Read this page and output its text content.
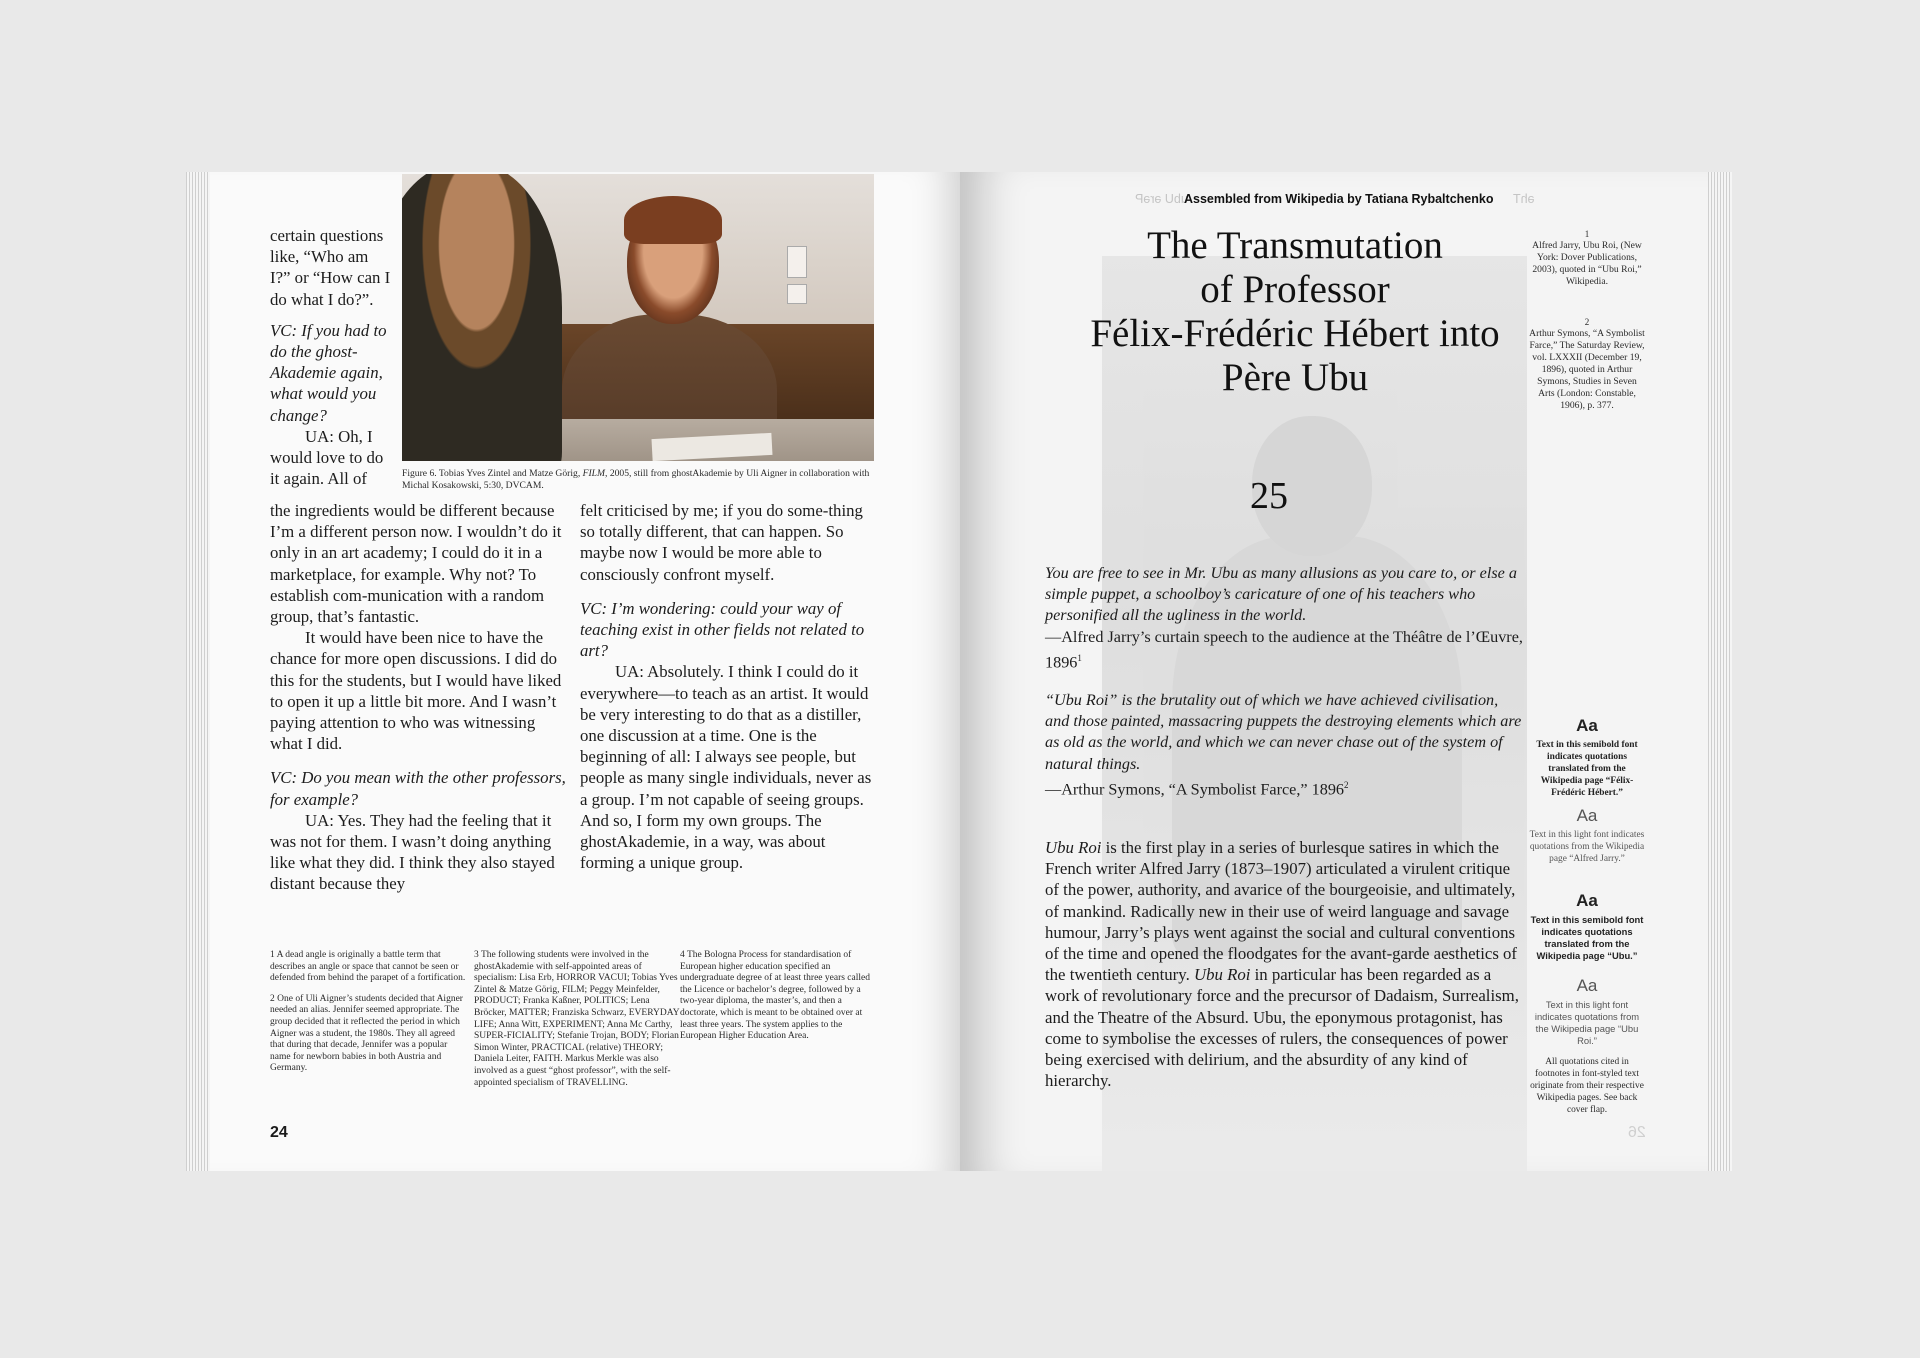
Figure 6. Tobias Yves Zintel and Matze Görig, FILM, 2005, still from ghostAkademie by Uli Aigner in collaboration with Michal Kosakowski, 5:30, DVCAM.

certain questions

like, “Who am

I?” or “How can I

do what I do?”.

VC: If you had to

do the ghost-

Akademie again,

what would you

change?

UA: Oh, I

would love to do

it again. All of

the ingredients would be different because I’m a different person now. I wouldn’t do it only in an art academy; I could do it in a marketplace, for example. Why not? To establish com-munication with a random group, that’s fantastic.

It would have been nice to have the chance for more open discussions. I did do this for the students, but I would have liked to open it up a little bit more. And I wasn’t paying attention to who was witnessing what I did.

VC: Do you mean with the other professors, for example?

UA: Yes. They had the feeling that it was not for them. I wasn’t doing anything like what they did. I think they also stayed distant because they

felt criticised by me; if you do some-thing so totally different, that can happen. So maybe now I would be more able to consciously confront myself.

VC: I’m wondering: could your way of teaching exist in other fields not related to art?

UA: Absolutely. I think I could do it everywhere—to teach as an artist. It would be very interesting to do that as a distiller, one discussion at a time. One is the beginning of all: I always see people, but people as many single individuals, never as a group. I’m not capable of seeing groups. And so, I form my own groups. The ghostAkademie, in a way, was about forming a unique group.

1 A dead angle is originally a battle term that describes an angle or space that cannot be seen or defended from behind the parapet of a fortification.

2 One of Uli Aigner’s students decided that Aigner needed an alias. Jennifer seemed appropriate. The group decided that it reflected the period in which Aigner was a student, the 1980s. They all agreed that during that decade, Jennifer was a popular name for newborn babies in both Austria and Germany.

3 The following students were involved in the ghostAkademie with self-appointed areas of specialism: Lisa Erb, HORROR VACUI; Tobias Yves Zintel & Matze Görig, FILM; Peggy Meinfelder, PRODUCT; Franka Kaßner, POLITICS; Lena Bröcker, MATTER; Franziska Schwarz, EVERYDAY LIFE; Anna Witt, EXPERIMENT; Anna Mc Carthy, SUPER-FICIALITY; Stefanie Trojan, BODY; Florian Simon Winter, PRACTICAL (relative) THEORY; Daniela Leiter, FAITH. Markus Merkle was also involved as a guest “ghost professor”, with the self-appointed specialism of TRAVELLING.

4 The Bologna Process for standardisation of European higher education specified an undergraduate degree of at least three years called the Licence or bachelor’s degree, followed by a two-year diploma, the master’s, and then a doctorate, which is meant to be obtained over at least three years. The system applies to the European Higher Education Area.

24
ubU ərəP
Assembled from Wikipedia by Tatiana Rybaltchenko əhT
The Transmutation
of Professor
Félix-Frédéric Hébert into
Père Ubu
25
You are free to see in Mr. Ubu as many allusions as you care to, or else a simple puppet, a schoolboy’s caricature of one of his teachers who personified all the ugliness in the world.
—Alfred Jarry’s curtain speech to the audience at the Théâtre de l’Œuvre, 1896$^1$
“Ubu Roi” is the brutality out of which we have achieved civilisation, and those painted, massacring puppets the destroying elements which are as old as the world, and which we can never chase out of the system of natural things.
—Arthur Symons, “A Symbolist Farce,” 1896$^2$
Ubu Roi is the first play in a series of burlesque satires in which the French writer Alfred Jarry (1873–1907) articulated a virulent critique of the power, authority, and avarice of the bourgeoisie, and ultimately, of mankind. Radically new in their use of weird language and savage humour, Jarry’s plays went against the social and cultural conventions of the time and opened the floodgates for the avant-garde aesthetics of the twentieth century. Ubu Roi in particular has been regarded as a work of revolutionary force and the precursor of Dadaism, Surrealism, and the Theatre of the Absurd. Ubu, the eponymous protagonist, has come to symbolise the excesses of rulers, the consequences of power being exercised with delirium, and the absurdity of any kind of hierarchy.

1

Alfred Jarry, Ubu Roi, (New York: Dover Publications, 2003), quoted in “Ubu Roi,” Wikipedia.

2

Arthur Symons, “A Symbolist Farce,” The Saturday Review, vol. LXXXII (December 19, 1896), quoted in Arthur Symons, Studies in Seven Arts (London: Constable, 1906), p. 377.

Aa
Text in this semibold font indicates quotations translated from the Wikipedia page “Félix-Frédéric Hébert.”
Aa
Text in this light font indicates quotations from the Wikipedia page “Alfred Jarry.”
Aa
Text in this semibold font indicates quotations translated from the Wikipedia page “Ubu.”
Aa
Text in this light font indicates quotations from the Wikipedia page “Ubu Roi.”
All quotations cited in footnotes in font-styled text originate from their respective Wikipedia pages. See back cover flap.
26
